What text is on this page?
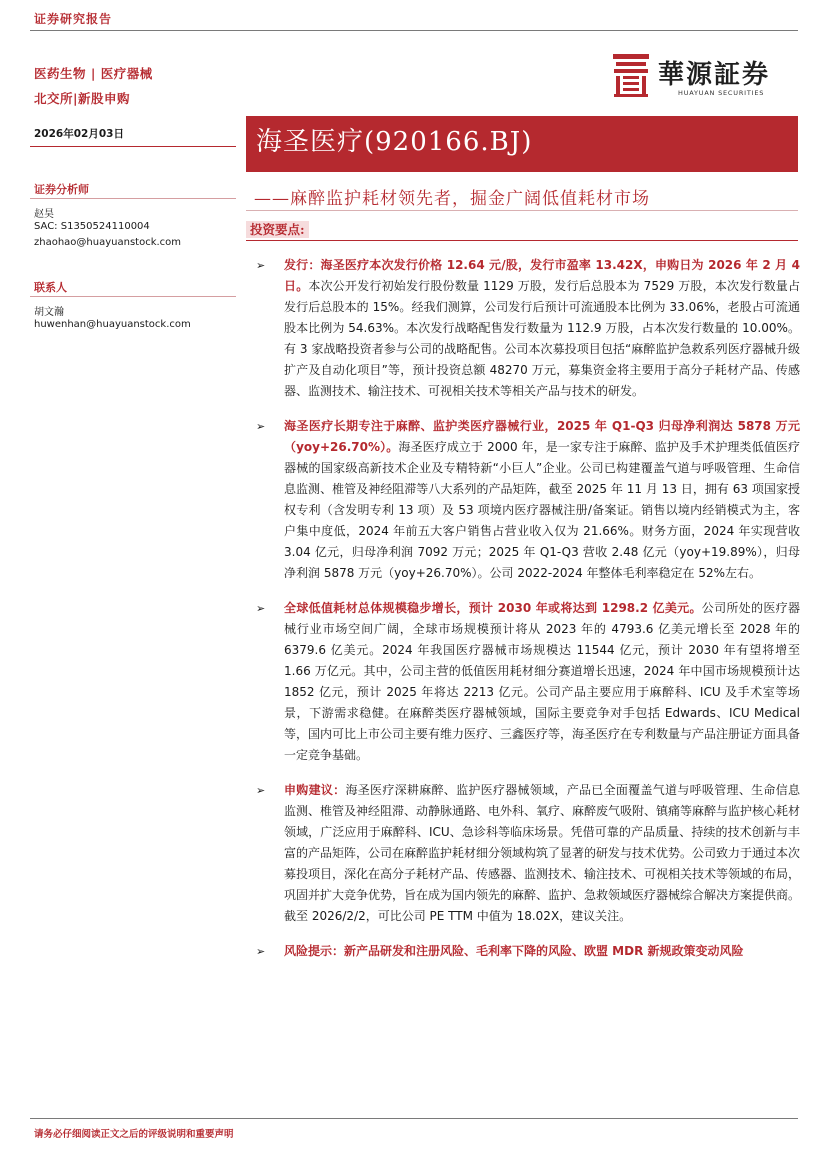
证券研究报告
医药生物 | 医疗器械
北交所|新股申购
華源証券
HUAYUAN SECURITIES
2026年02月03日	海圣医疗(920166.BJ)
——麻醉监护耗材领先者，掘金广阔低值耗材市场
证券分析师
赵昊
SAC: S1350524110004
zhaohao@huayuanstock.com
联系人
胡文瀚
huwenhan@huayuanstock.com
投资要点:
➢ 发行：海圣医疗本次发行价格 12.64 元/股，发行市盈率 13.42X，申购日为 2026 年 2 月 4 日。本次公开发行初始发行股份数量 1129 万股，发行后总股本为 7529 万股，本次发行数量占发行后总股本的 15%。经我们测算，公司发行后预计可流通股本比例为 33.06%，老股占可流通股本比例为 54.63%。本次发行战略配售发行数量为 112.9 万股，占本次发行数量的 10.00%。有 3 家战略投资者参与公司的战略配售。公司本次募投项目包括“麻醉监护急救系列医疗器械升级扩产及自动化项目”等，预计投资总额 48270 万元，募集资金将主要用于高分子耗材产品、传感器、监测技术、输注技术、可视相关技术等相关产品与技术的研发。
➢ 海圣医疗长期专注于麻醉、监护类医疗器械行业，2025 年 Q1-Q3 归母净利润达 5878 万元（yoy+26.70%）。海圣医疗成立于 2000 年，是一家专注于麻醉、监护及手术护理类低值医疗器械的国家级高新技术企业及专精特新“小巨人”企业。公司已构建覆盖气道与呼吸管理、生命信息监测、椎管及神经阻滞等八大系列的产品矩阵，截至 2025 年 11 月 13 日，拥有 63 项国家授权专利（含发明专利 13 项）及 53 项境内医疗器械注册/备案证。销售以境内经销模式为主，客户集中度低，2024 年前五大客户销售占营业收入仅为 21.66%。财务方面，2024 年实现营收 3.04 亿元，归母净利润 7092 万元；2025 年 Q1-Q3 营收 2.48 亿元（yoy+19.89%），归母净利润 5878 万元（yoy+26.70%）。公司 2022-2024 年整体毛利率稳定在 52%左右。
➢ 全球低值耗材总体规模稳步增长，预计 2030 年或将达到 1298.2 亿美元。公司所处的医疗器械行业市场空间广阔，全球市场规模预计将从 2023 年的 4793.6 亿美元增长至 2028 年的 6379.6 亿美元。2024 年我国医疗器械市场规模达 11544 亿元，预计 2030 年有望将增至 1.66 万亿元。其中，公司主营的低值医用耗材细分赛道增长迅速，2024 年中国市场规模预计达 1852 亿元，预计 2025 年将达 2213 亿元。公司产品主要应用于麻醉科、ICU 及手术室等场景，下游需求稳健。在麻醉类医疗器械领域，国际主要竞争对手包括 Edwards、ICU Medical 等，国内可比上市公司主要有维力医疗、三鑫医疗等，海圣医疗在专利数量与产品注册证方面具备一定竞争基础。
➢ 申购建议：海圣医疗深耕麻醉、监护医疗器械领域，产品已全面覆盖气道与呼吸管理、生命信息监测、椎管及神经阻滞、动静脉通路、电外科、氧疗、麻醉废气吸附、镇痛等麻醉与监护核心耗材领域，广泛应用于麻醉科、ICU、急诊科等临床场景。凭借可靠的产品质量、持续的技术创新与丰富的产品矩阵，公司在麻醉监护耗材细分领域构筑了显著的研发与技术优势。公司致力于通过本次募投项目，深化在高分子耗材产品、传感器、监测技术、输注技术、可视相关技术等领域的布局，巩固并扩大竞争优势，旨在成为国内领先的麻醉、监护、急救领域医疗器械综合解决方案提供商。截至 2026/2/2，可比公司 PE TTM 中值为 18.02X，建议关注。
➢ 风险提示：新产品研发和注册风险、毛利率下降的风险、欧盟 MDR 新规政策变动风险
请务必仔细阅读正文之后的评级说明和重要声明
